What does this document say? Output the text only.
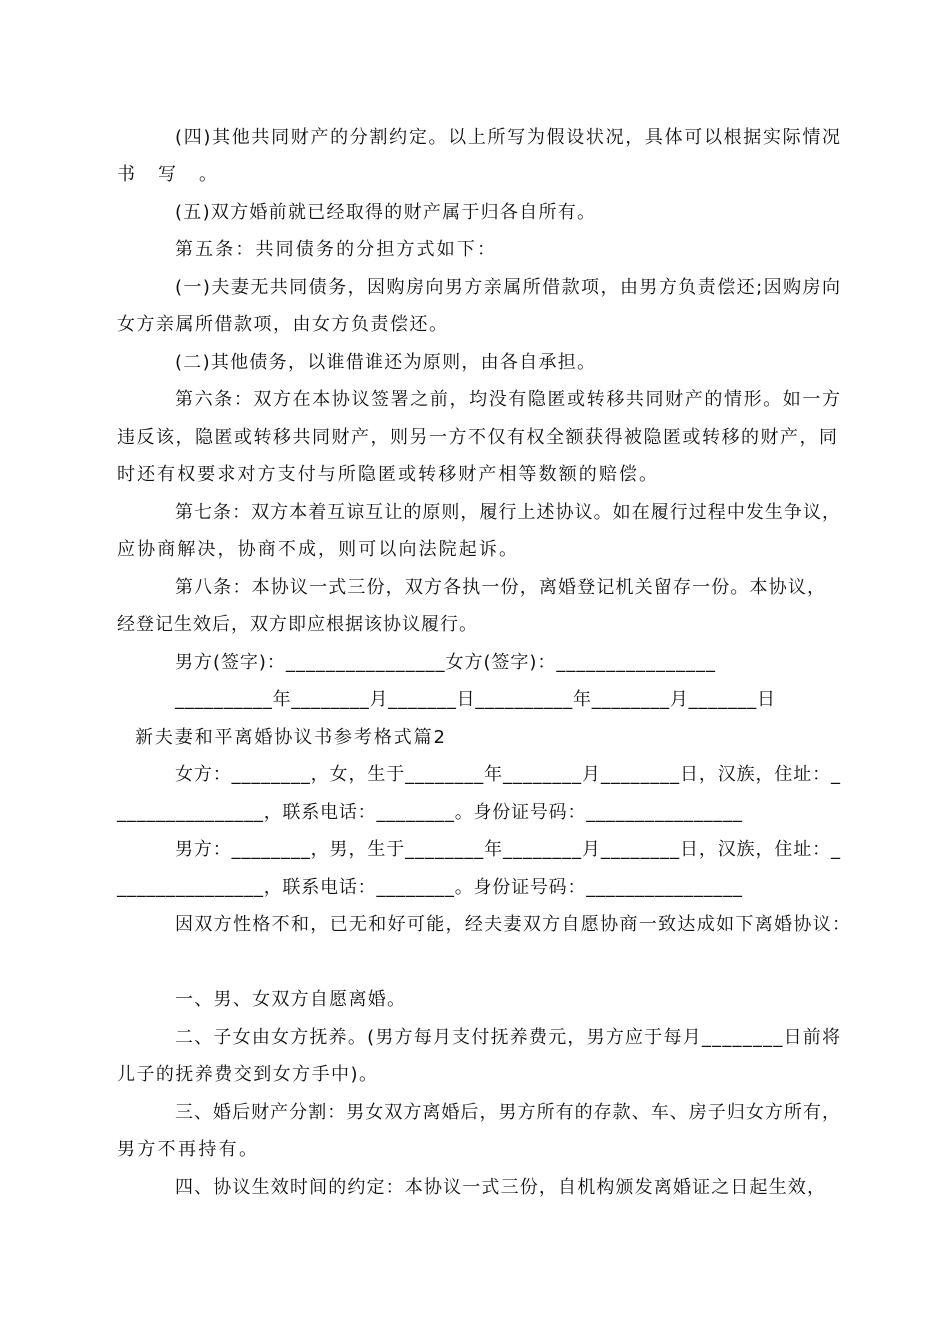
(四)其他共同财产的分割约定。以上所写为假设状况，具体可以根据实际情况
书写。
(五)双方婚前就已经取得的财产属于归各自所有。
第五条：共同债务的分担方式如下：
(一)夫妻无共同债务，因购房向男方亲属所借款项，由男方负责偿还;因购房向
女方亲属所借款项，由女方负责偿还。
(二)其他债务，以谁借谁还为原则，由各自承担。
第六条：双方在本协议签署之前，均没有隐匿或转移共同财产的情形。如一方
违反该，隐匿或转移共同财产，则另一方不仅有权全额获得被隐匿或转移的财产，同
时还有权要求对方支付与所隐匿或转移财产相等数额的赔偿。
第七条：双方本着互谅互让的原则，履行上述协议。如在履行过程中发生争议，
应协商解决，协商不成，则可以向法院起诉。
第八条：本协议一式三份，双方各执一份，离婚登记机关留存一份。本协议，
经登记生效后，双方即应根据该协议履行。
男方(签字)：________________女方(签字)：________________
__________年________月_______日__________年________月_______日
新夫妻和平离婚协议书参考格式篇2
女方：________，女，生于________年________月________日，汉族，住址：_
_______________，联系电话：________。身份证号码：________________
男方：________，男，生于________年________月________日，汉族，住址：_
_______________，联系电话：________。身份证号码：________________
因双方性格不和，已无和好可能，经夫妻双方自愿协商一致达成如下离婚协议：
一、男、女双方自愿离婚。
二、子女由女方抚养。(男方每月支付抚养费元，男方应于每月________日前将
儿子的抚养费交到女方手中)。
三、婚后财产分割：男女双方离婚后，男方所有的存款、车、房子归女方所有，
男方不再持有。
四、协议生效时间的约定：本协议一式三份，自机构颁发离婚证之日起生效，
